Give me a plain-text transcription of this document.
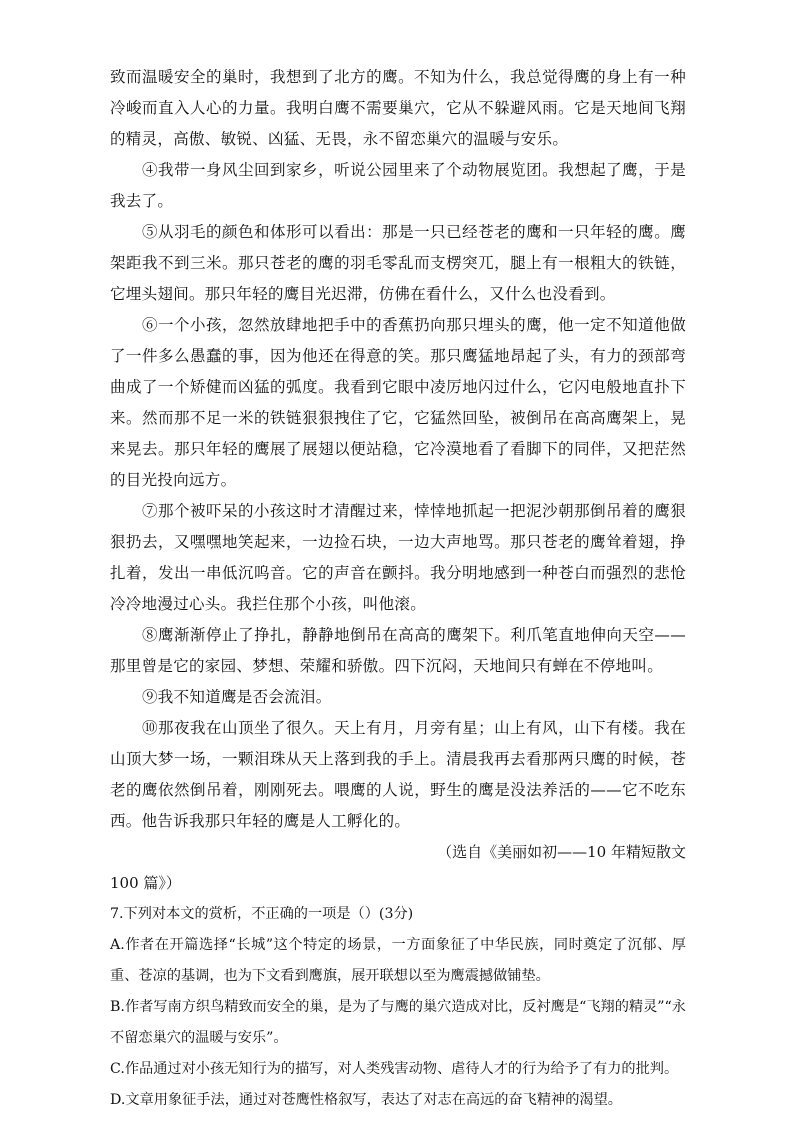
致而温暖安全的巢时，我想到了北方的鹰。不知为什么，我总觉得鹰的身上有一种冷峻而直入人心的力量。我明白鹰不需要巢穴，它从不躲避风雨。它是天地间飞翔的精灵，高傲、敏锐、凶猛、无畏，永不留恋巢穴的温暖与安乐。

④我带一身风尘回到家乡，听说公园里来了个动物展览团。我想起了鹰，于是我去了。

⑤从羽毛的颜色和体形可以看出：那是一只已经苍老的鹰和一只年轻的鹰。鹰架距我不到三米。那只苍老的鹰的羽毛零乱而支楞突兀，腿上有一根粗大的铁链，它埋头翅间。那只年轻的鹰目光迟滞，仿佛在看什么，又什么也没看到。

⑥一个小孩，忽然放肆地把手中的香蕉扔向那只埋头的鹰，他一定不知道他做了一件多么愚蠢的事，因为他还在得意的笑。那只鹰猛地昂起了头，有力的颈部弯曲成了一个矫健而凶猛的弧度。我看到它眼中凌厉地闪过什么，它闪电般地直扑下来。然而那不足一米的铁链狠狠拽住了它，它猛然回坠，被倒吊在高高鹰架上，晃来晃去。那只年轻的鹰展了展翅以便站稳，它冷漠地看了看脚下的同伴，又把茫然的目光投向远方。

⑦那个被吓呆的小孩这时才清醒过来，悻悻地抓起一把泥沙朝那倒吊着的鹰狠狠扔去，又嘿嘿地笑起来，一边捡石块，一边大声地骂。那只苍老的鹰耸着翅，挣扎着，发出一串低沉呜音。它的声音在颤抖。我分明地感到一种苍白而强烈的悲怆冷冷地漫过心头。我拦住那个小孩，叫他滚。

⑧鹰渐渐停止了挣扎，静静地倒吊在高高的鹰架下。利爪笔直地伸向天空——那里曾是它的家园、梦想、荣耀和骄傲。四下沉闷，天地间只有蝉在不停地叫。

⑨我不知道鹰是否会流泪。

⑩那夜我在山顶坐了很久。天上有月，月旁有星；山上有风，山下有楼。我在山顶大梦一场，一颗泪珠从天上落到我的手上。清晨我再去看那两只鹰的时候，苍老的鹰依然倒吊着，刚刚死去。喂鹰的人说，野生的鹰是没法养活的——它不吃东西。他告诉我那只年轻的鹰是人工孵化的。

（选自《美丽如初——10 年精短散文
100 篇》）

7.下列对本文的赏析，不正确的一项是（）(3分)

A.作者在开篇选择“长城”这个特定的场景，一方面象征了中华民族，同时奠定了沉郁、厚重、苍凉的基调，也为下文看到鹰旗，展开联想以至为鹰震撼做铺垫。

B.作者写南方织鸟精致而安全的巢，是为了与鹰的巢穴造成对比，反衬鹰是“飞翔的精灵”“永不留恋巢穴的温暖与安乐”。

C.作品通过对小孩无知行为的描写，对人类残害动物、虐待人才的行为给予了有力的批判。

D.文章用象征手法，通过对苍鹰性格叙写，表达了对志在高远的奋飞精神的渴望。
